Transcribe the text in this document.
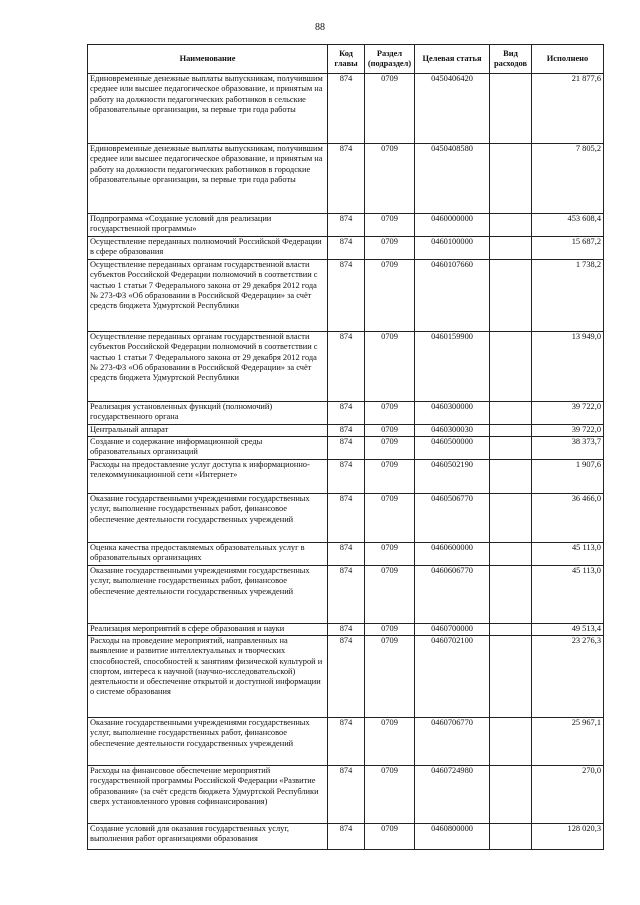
88
Наименование	Код главы	Раздел (подраздел)	Целевая статья	Вид расходов	Исполнено
Единовременные денежные выплаты выпускникам, получившим среднее или высшее педагогическое образование, и принятым на работу на должности педагогических работников в сельские образовательные организации, за первые три года работы	874	0709	0450406420		21 877,6
Единовременные денежные выплаты выпускникам, получившим среднее или высшее педагогическое образование, и принятым на работу на должности педагогических работников в городские образовательные организации, за первые три года работы	874	0709	0450408580		7 805,2
Подпрограмма «Создание условий для реализации государственной программы»	874	0709	0460000000		453 608,4
Осуществление переданных полномочий Российской Федерации в сфере образования	874	0709	0460100000		15 687,2
Осуществление переданных органам государственной власти субъектов Российской Федерации полномочий в соответствии с частью 1 статьи 7 Федерального закона от 29 декабря 2012 года № 273-ФЗ «Об образовании в Российской Федерации» за счёт средств бюджета Удмуртской Республики	874	0709	0460107660		1 738,2
Осуществление переданных органам государственной власти субъектов Российской Федерации полномочий в соответствии с частью 1 статьи 7 Федерального закона от 29 декабря 2012 года № 273-ФЗ «Об образовании в Российской Федерации» за счёт средств бюджета Удмуртской Республики	874	0709	0460159900		13 949,0
Реализация установленных функций (полномочий) государственного органа	874	0709	0460300000		39 722,0
Центральный аппарат	874	0709	0460300030		39 722,0
Создание и содержание информационной среды образовательных организаций	874	0709	0460500000		38 373,7
Расходы на предоставление услуг доступа к информационно-телекоммуникационной сети «Интернет»	874	0709	0460502190		1 907,6
Оказание государственными учреждениями государственных услуг, выполнение государственных работ, финансовое обеспечение деятельности государственных учреждений	874	0709	0460506770		36 466,0
Оценка качества предоставляемых образовательных услуг в образовательных организациях	874	0709	0460600000		45 113,0
Оказание государственными учреждениями государственных услуг, выполнение государственных работ, финансовое обеспечение деятельности государственных учреждений	874	0709	0460606770		45 113,0
Реализация мероприятий в сфере образования и науки	874	0709	0460700000		49 513,4
Расходы на проведение мероприятий, направленных на выявление и развитие интеллектуальных и творческих способностей, способностей к занятиям физической культурой и спортом, интереса к научной (научно-исследовательской) деятельности и обеспечение открытой и доступной информации о системе образования	874	0709	0460702100		23 276,3
Оказание государственными учреждениями государственных услуг, выполнение государственных работ, финансовое обеспечение деятельности государственных учреждений	874	0709	0460706770		25 967,1
Расходы на финансовое обеспечение мероприятий государственной программы Российской Федерации «Развитие образования» (за счёт средств бюджета Удмуртской Республики сверх установленного уровня софинансирования)	874	0709	0460724980		270,0
Создание условий для оказания государственных услуг, выполнения работ организациями образования	874	0709	0460800000		128 020,3
